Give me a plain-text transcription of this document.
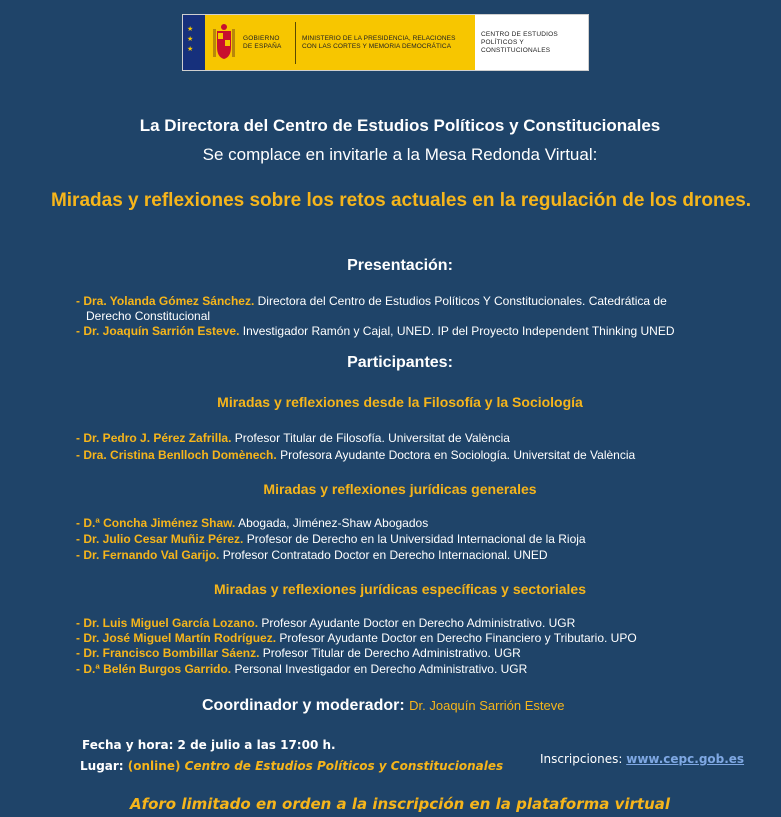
★
★
★
GOBIERNO DE ESPAÑA
MINISTERIO DE LA PRESIDENCIA, RELACIONES CON LAS CORTES Y MEMORIA DEMOCRÁTICA
CENTRO DE ESTUDIOS POLÍTICOS Y CONSTITUCIONALES
La Directora del Centro de Estudios Políticos y Constitucionales
Se complace en invitarle a la Mesa Redonda Virtual:
Miradas y reflexiones sobre los retos actuales en la regulación de los drones.
Presentación:
- Dra. Yolanda Gómez Sánchez. Directora del Centro de Estudios Políticos Y Constitucionales. Catedrática de
Derecho Constitucional
- Dr. Joaquín Sarrión Esteve. Investigador Ramón y Cajal, UNED. IP del Proyecto Independent Thinking UNED
Participantes:
Miradas y reflexiones desde la Filosofía y la Sociología
- Dr. Pedro J. Pérez Zafrilla. Profesor Titular de Filosofía. Universitat de València
- Dra. Cristina Benlloch Domènech. Profesora Ayudante Doctora en Sociología. Universitat de València
Miradas y reflexiones jurídicas generales
- D.ª Concha Jiménez Shaw. Abogada, Jiménez-Shaw Abogados
- Dr. Julio Cesar Muñiz Pérez. Profesor de Derecho en la Universidad Internacional de la Rioja
- Dr. Fernando Val Garijo. Profesor Contratado Doctor en Derecho Internacional. UNED
Miradas y reflexiones jurídicas específicas y sectoriales
- Dr. Luis Miguel García Lozano. Profesor Ayudante Doctor en Derecho Administrativo. UGR
- Dr. José Miguel Martín Rodríguez. Profesor Ayudante Doctor en Derecho Financiero y Tributario. UPO
- Dr. Francisco Bombillar Sáenz. Profesor Titular de Derecho Administrativo. UGR
- D.ª Belén Burgos Garrido. Personal Investigador en Derecho Administrativo. UGR
Coordinador y moderador: Dr. Joaquín Sarrión Esteve
Fecha y hora: 2 de julio a las 17:00 h.
Lugar: (online) Centro de Estudios Políticos y Constitucionales	Inscripciones: www.cepc.gob.es
Aforo limitado en orden a la inscripción en la plataforma virtual
